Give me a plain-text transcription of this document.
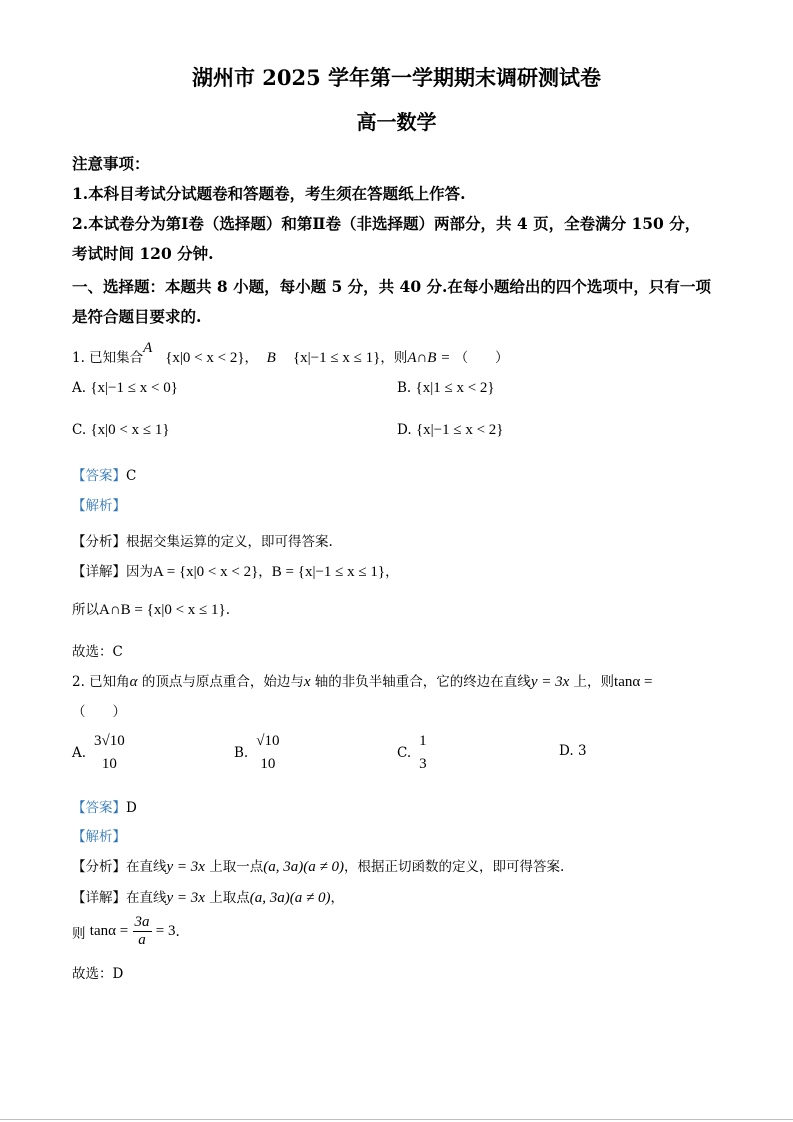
湖州市 2025 学年第一学期期末调研测试卷
高一数学
注意事项：
1.本科目考试分试题卷和答题卷，考生须在答题纸上作答.
2.本试卷分为第Ⅰ卷（选择题）和第Ⅱ卷（非选择题）两部分，共 4 页，全卷满分 150 分，
考试时间 120 分钟.
一、选择题：本题共 8 小题，每小题 5 分，共 40 分.在每小题给出的四个选项中，只有一项
是符合题目要求的.
1. 已知集合A   {x|0 < x < 2}， B {x|−1 ≤ x ≤ 1}，则A∩B = （　　）
A. {x|−1 ≤ x < 0}	B. {x|1 ≤ x < 2}
C. {x|0 < x ≤ 1}	D. {x|−1 ≤ x < 2}
【答案】C
【解析】
【分析】根据交集运算的定义，即可得答案.
【详解】因为A = {x|0 < x < 2}，B = {x|−1 ≤ x ≤ 1}，
所以A∩B = {x|0 < x ≤ 1}.
故选：C
2. 已知角α 的顶点与原点重合，始边与x 轴的非负半轴重合，它的终边在直线y = 3x 上，则tanα =
（　　）
A.
3√10
10
B.
√10
10
C.
1
3
D. 3
【答案】D
【解析】
【分析】在直线y = 3x 上取一点(a, 3a)(a ≠ 0)，根据正切函数的定义，即可得答案.
【详解】在直线y = 3x 上取点(a, 3a)(a ≠ 0)，
则 $\tan\alpha = \frac{3a}{a} = 3$.
故选：D
